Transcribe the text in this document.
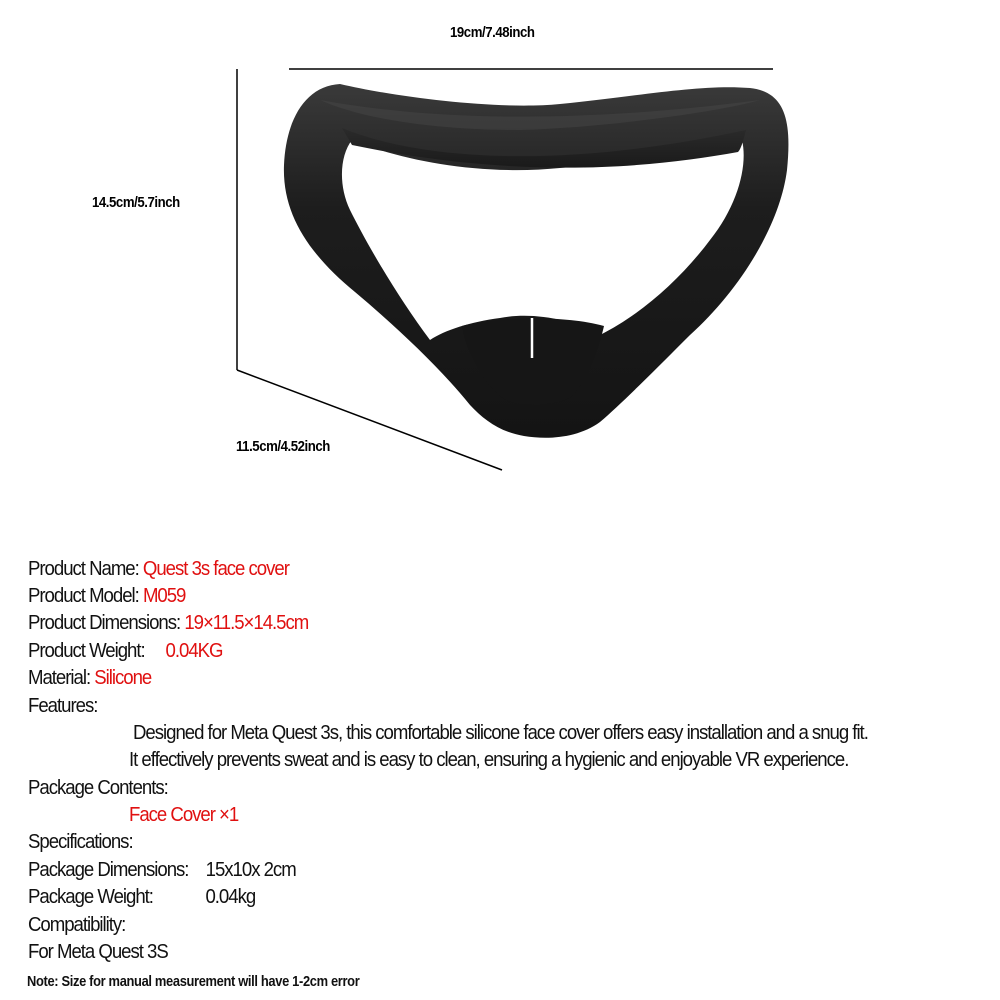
19cm/7.48inch
14.5cm/5.7inch
11.5cm/4.52inch
Product Name: Quest 3s face cover
Product Model: M059
Product Dimensions: 19×11.5×14.5cm
Product Weight: 0.04KG
Material: Silicone
Features:
Designed for Meta Quest 3s, this comfortable silicone face cover offers easy installation and a snug fit.
It effectively prevents sweat and is easy to clean, ensuring a hygienic and enjoyable VR experience.
Package Contents:
Face Cover ×1
Specifications:
Package Dimensions: 15x10x 2cm
Package Weight:	0.04kg
Compatibility:
For Meta Quest 3S
Note: Size for manual measurement will have 1-2cm error
